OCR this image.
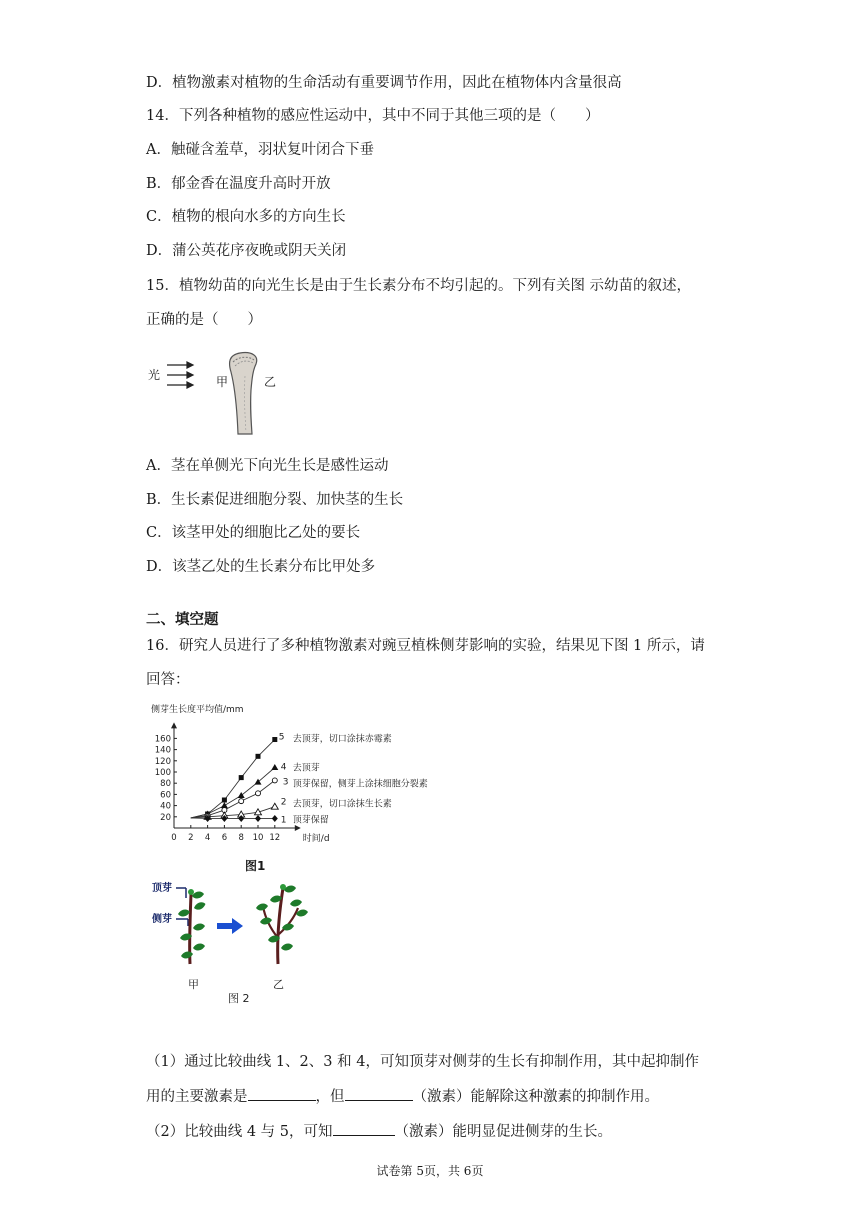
D．植物激素对植物的生命活动有重要调节作用，因此在植物体内含量很高
14．下列各种植物的感应性运动中，其中不同于其他三项的是（　　）
A．触碰含羞草，羽状复叶闭合下垂
B．郁金香在温度升高时开放
C．植物的根向水多的方向生长
D．蒲公英花序夜晚或阴天关闭
15．植物幼苗的向光生长是由于生长素分布不均引起的。下列有关图 示幼苗的叙述，
正确的是（　　）
光	甲	乙
A．茎在单侧光下向光生长是感性运动
B．生长素促进细胞分裂、加快茎的生长
C．该茎甲处的细胞比乙处的要长
D．该茎乙处的生长素分布比甲处多
二、填空题
16．研究人员进行了多种植物激素对豌豆植株侧芽影响的实验，结果见下图 1 所示，请
回答：
侧芽生长度平均值/mm
时间/d
20
40
60
80
100
120
140
160
0 2 4 6 8 10 12
5 去顶芽，切口涂抹赤霉素
4 去顶芽
3 顶芽保留，侧芽上涂抹细胞分裂素
2 去顶芽，切口涂抹生长素
1 顶芽保留
图1
顶芽
侧芽
甲	乙
图 2
（1）通过比较曲线 1、2、3 和 4，可知顶芽对侧芽的生长有抑制作用，其中起抑制作
用的主要激素是	，但	（激素）能解除这种激素的抑制作用。
（2）比较曲线 4 与 5，可知	（激素）能明显促进侧芽的生长。
试卷第 5页，共 6页
